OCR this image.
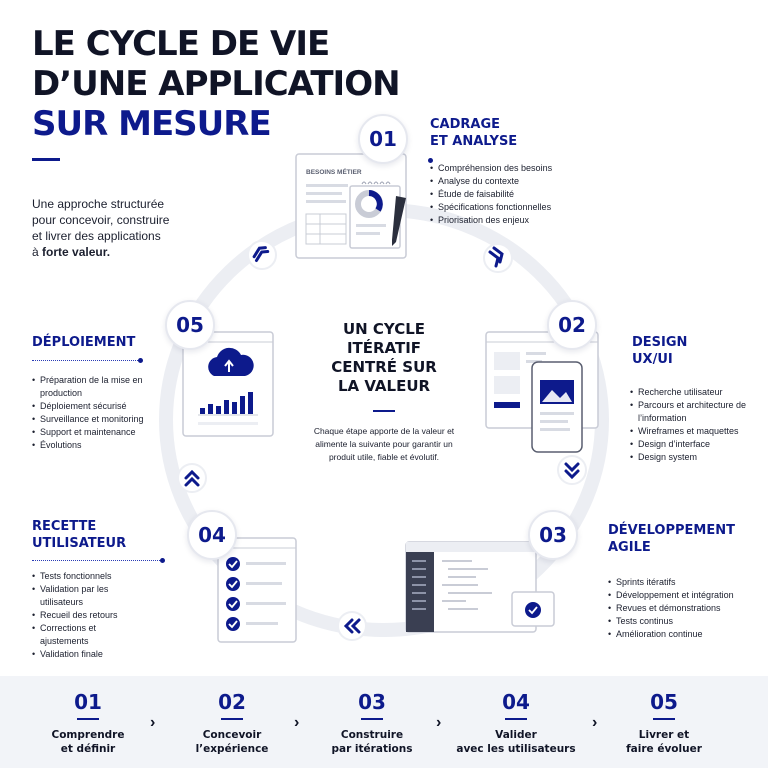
BESOINS MÉTIER
LE CYCLE DE VIE
D’UNE APPLICATION
SUR MESURE

Une approche structurée
pour concevoir, construire
et livrer des applications
à forte valeur.

01
02
03
04
05
CADRAGE
ET ANALYSE
• Compréhension des besoins
• Analyse du contexte
• Étude de faisabilité
• Spécifications fonctionnelles
• Priorisation des enjeux
DESIGN
UX/UI
• Recherche utilisateur
• Parcours et architecture de l’information
• Wireframes et maquettes
• Design d’interface
• Design system
DÉVELOPPEMENT
AGILE
• Sprints itératifs
• Développement et intégration
• Revues et démonstrations
• Tests continus
• Amélioration continue
RECETTE
UTILISATEUR
• Tests fonctionnels
• Validation par les utilisateurs
• Recueil des retours
• Corrections et ajustements
• Validation finale
DÉPLOIEMENT
• Préparation de la mise en production
• Déploiement sécurisé
• Surveillance et monitoring
• Support et maintenance
• Évolutions
UN CYCLE
ITÉRATIF
CENTRÉ SUR
LA VALEUR

Chaque étape apporte de la valeur et alimente la suivante pour garantir un produit utile, fiable et évolutif.

01
Comprendre
et définir
›
02
Concevoir
l’expérience
›
03
Construire
par itérations
›
04
Valider
avec les utilisateurs
›
05
Livrer et
faire évoluer
